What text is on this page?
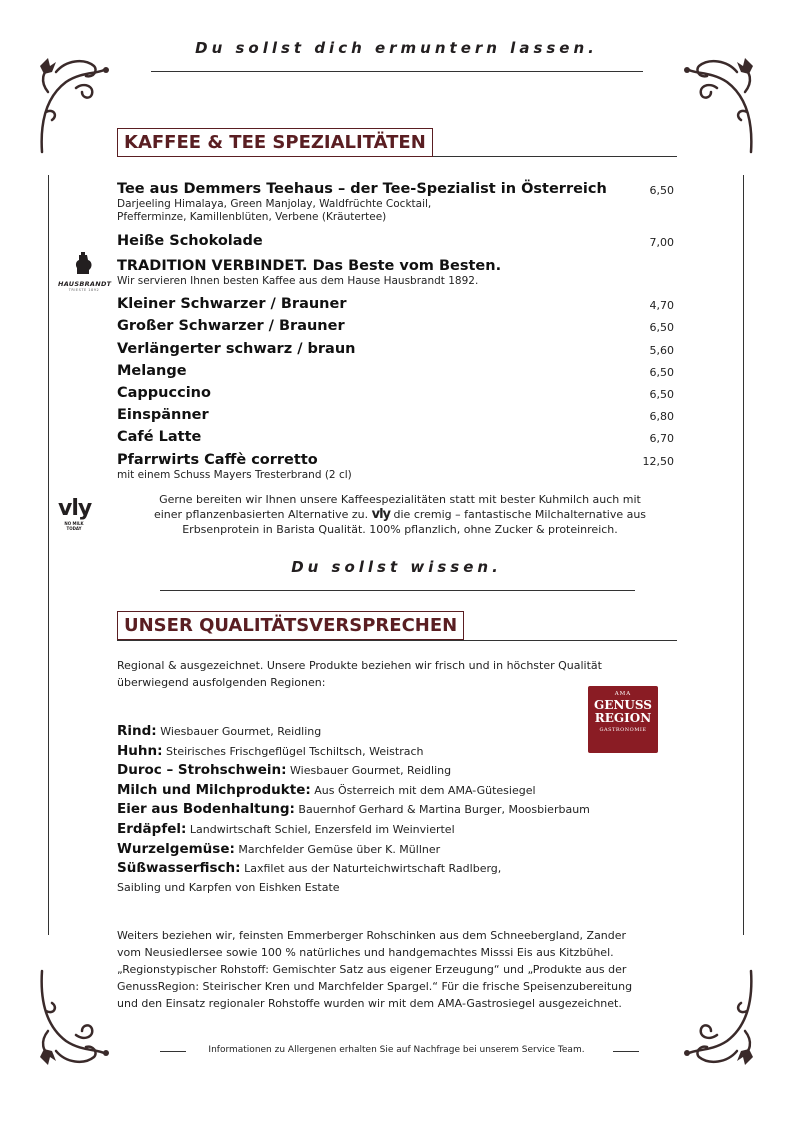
Du sollst dich ermuntern lassen.
KAFFEE & TEE SPEZIALITÄTEN
Tee aus Demmers Teehaus – der Tee-Spezialist in Österreich	6,50
Darjeeling Himalaya, Green Manjolay, Waldfrüchte Cocktail,
Pfefferminze, Kamillenblüten, Verbene (Kräutertee)
Heiße Schokolade	7,00
TRADITION VERBINDET. Das Beste vom Besten.
Wir servieren Ihnen besten Kaffee aus dem Hause Hausbrandt 1892.
Kleiner Schwarzer / Brauner	4,70
Großer Schwarzer / Brauner	6,50
Verlängerter schwarz / braun	5,60
Melange	6,50
Cappuccino	6,50
Einspänner	6,80
Café Latte	6,70
Pfarrwirts Caffè corretto	12,50
mit einem Schuss Mayers Tresterbrand (2 cl)
HAUSBRANDT
TRIESTE 1892
vly
NO MILK
TODAY
Gerne bereiten wir Ihnen unsere Kaffeespezialitäten statt mit bester Kuhmilch auch mit
einer pflanzenbasierten Alternative zu. vly die cremig – fantastische Milchalternative aus
Erbsenprotein in Barista Qualität. 100% pflanzlich, ohne Zucker & proteinreich.
Du sollst wissen.
UNSER QUALITÄTSVERSPRECHEN
Regional & ausgezeichnet. Unsere Produkte beziehen wir frisch und in höchster Qualität
überwiegend ausfolgenden Regionen:
AMA
GENUSS
REGION
GASTRONOMIE
Rind: Wiesbauer Gourmet, Reidling
Huhn: Steirisches Frischgeflügel Tschiltsch, Weistrach
Duroc – Strohschwein: Wiesbauer Gourmet, Reidling
Milch und Milchprodukte: Aus Österreich mit dem AMA-Gütesiegel
Eier aus Bodenhaltung: Bauernhof Gerhard & Martina Burger, Moosbierbaum
Erdäpfel: Landwirtschaft Schiel, Enzersfeld im Weinviertel
Wurzelgemüse: Marchfelder Gemüse über K. Müllner
Süßwasserfisch: Laxfilet aus der Naturteichwirtschaft Radlberg,
Saibling und Karpfen von Eishken Estate
Weiters beziehen wir, feinsten Emmerberger Rohschinken aus dem Schneebergland, Zander
vom Neusiedlersee sowie 100 % natürliches und handgemachtes Misssi Eis aus Kitzbühel.
„Regionstypischer Rohstoff: Gemischter Satz aus eigener Erzeugung“ und „Produkte aus der
GenussRegion: Steirischer Kren und Marchfelder Spargel.“ Für die frische Speisenzubereitung
und den Einsatz regionaler Rohstoffe wurden wir mit dem AMA-Gastrosiegel ausgezeichnet.
Informationen zu Allergenen erhalten Sie auf Nachfrage bei unserem Service Team.
